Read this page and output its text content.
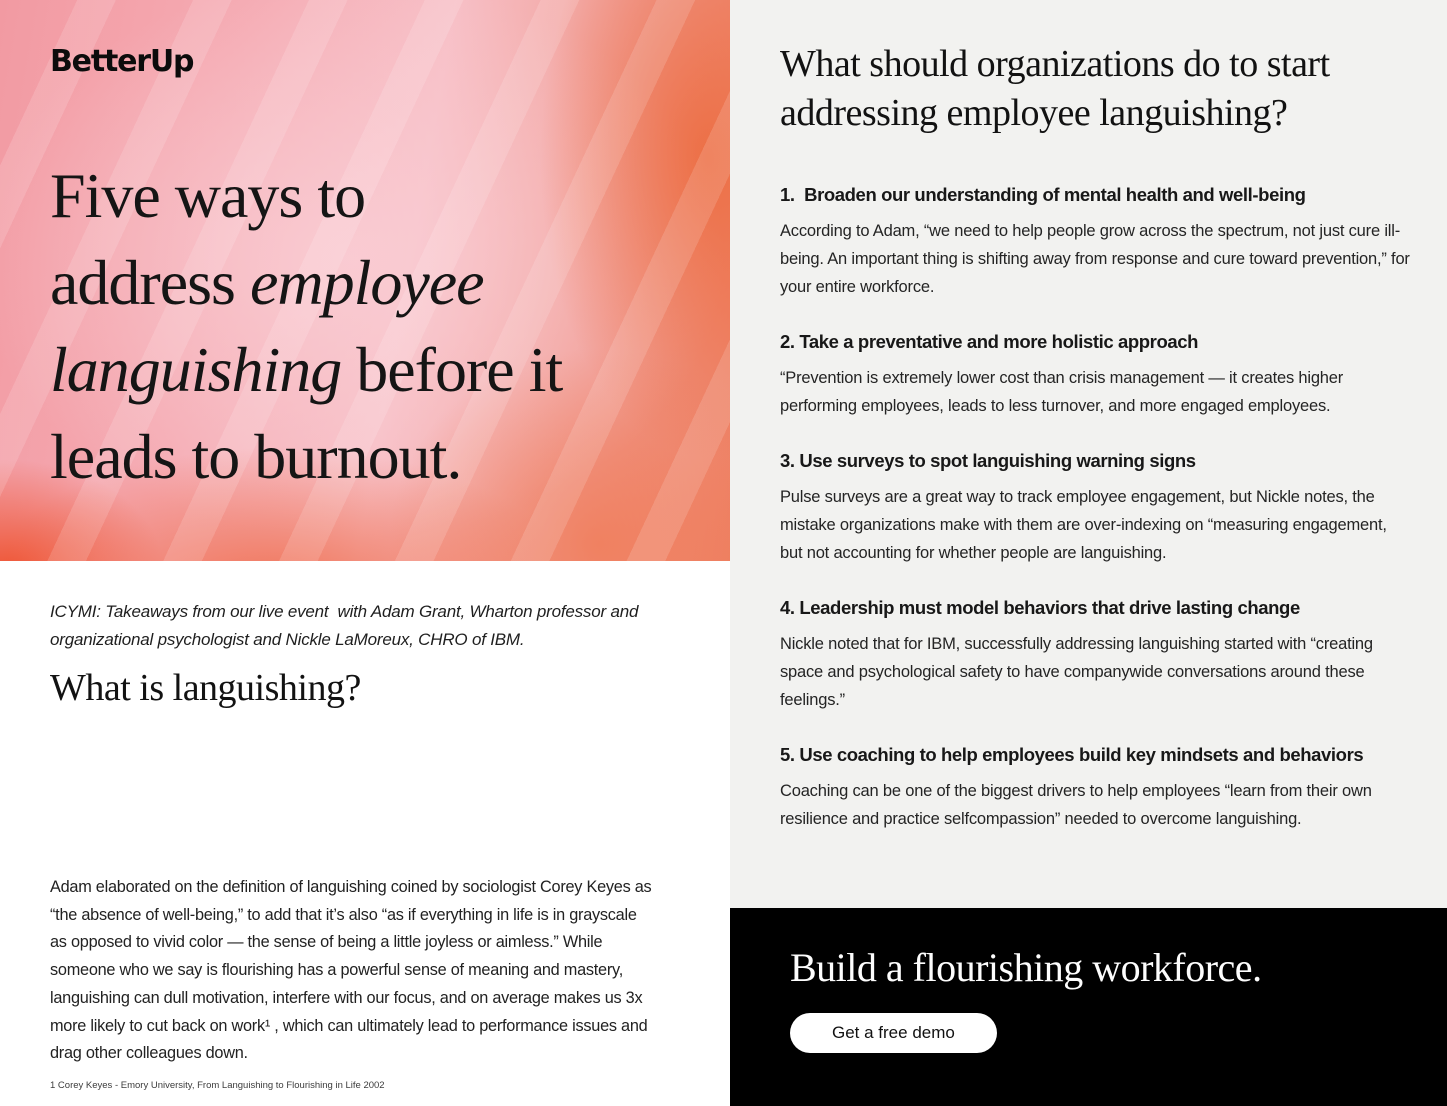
BetterUp
Five ways to
address employee
languishing before it
leads to burnout.

ICYMI: Takeaways from our live event  with Adam Grant, Wharton professor and organizational psychologist and Nickle LaMoreux, CHRO of IBM.

What is languishing?

Adam elaborated on the definition of languishing coined by sociologist Corey Keyes as “the absence of well-being,” to add that it’s also “as if everything in life is in grayscale as opposed to vivid color — the sense of being a little joyless or aimless.” While someone who we say is flourishing has a powerful sense of meaning and mastery, languishing can dull motivation, interfere with our focus, and on average makes us 3x more likely to cut back on work¹ , which can ultimately lead to performance issues and drag other colleagues down.

1 Corey Keyes - Emory University, From Languishing to Flourishing in Life 2002

What should organizations do to start
addressing employee languishing?
1.  Broaden our understanding of mental health and well-being

According to Adam, “we need to help people grow across the spectrum, not just cure ill-being. An important thing is shifting away from response and cure toward prevention,” for your entire workforce.

2. Take a preventative and more holistic approach

“Prevention is extremely lower cost than crisis management — it creates higher performing employees, leads to less turnover, and more engaged employees.

3. Use surveys to spot languishing warning signs

Pulse surveys are a great way to track employee engagement, but Nickle notes, the mistake organizations make with them are over-indexing on “measuring engagement, but not accounting for whether people are languishing.

4. Leadership must model behaviors that drive lasting change

Nickle noted that for IBM, successfully addressing languishing started with “creating space and psychological safety to have companywide conversations around these feelings.”

5. Use coaching to help employees build key mindsets and behaviors

Coaching can be one of the biggest drivers to help employees “learn from their own resilience and practice selfcompassion” needed to overcome languishing.

Build a flourishing workforce.
Get a free demo
